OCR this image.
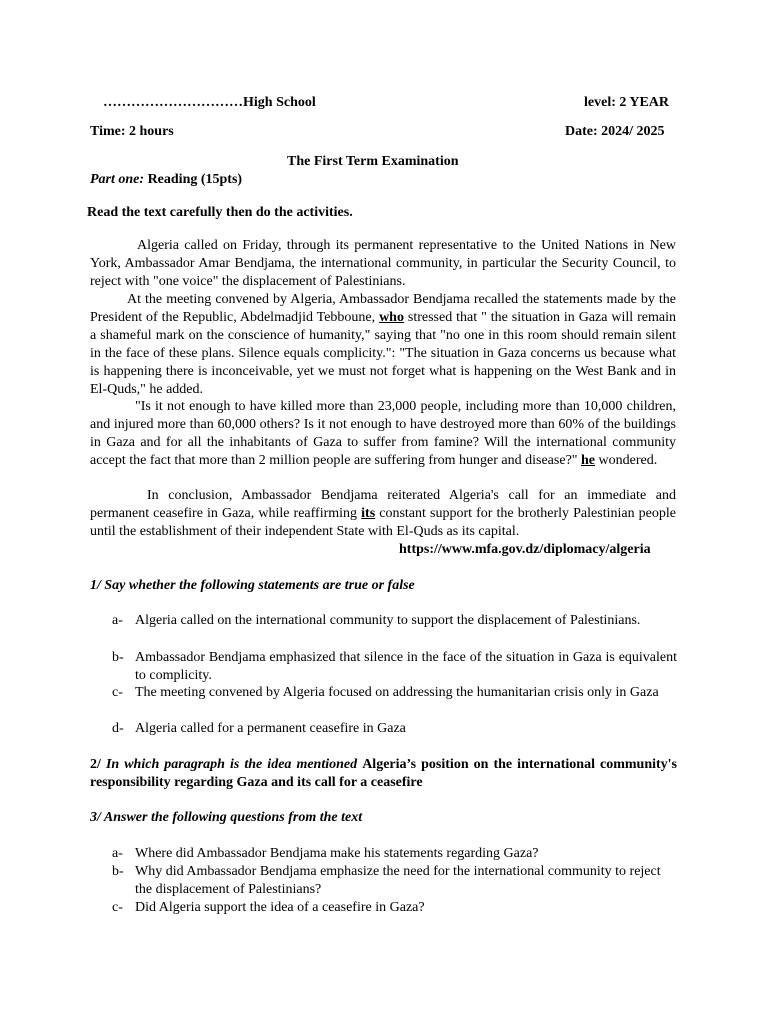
…………………………High School	level: 2 YEAR
Time: 2 hours	Date: 2024/ 2025
The First Term Examination
Part one: Reading (15pts)
Read the text carefully then do the activities.

Algeria called on Friday, through its permanent representative to the United Nations in New York, Ambassador Amar Bendjama, the international community, in particular the Security Council, to reject with "one voice" the displacement of Palestinians.

At the meeting convened by Algeria, Ambassador Bendjama recalled the statements made by the President of the Republic, Abdelmadjid Tebboune, who stressed that " the situation in Gaza will remain a shameful mark on the conscience of humanity," saying that "no one in this room should remain silent in the face of these plans. Silence equals complicity.": "The situation in Gaza concerns us because what is happening there is inconceivable, yet we must not forget what is happening on the West Bank and in El-Quds," he added.

"Is it not enough to have killed more than 23,000 people, including more than 10,000 children, and injured more than 60,000 others? Is it not enough to have destroyed more than 60% of the buildings in Gaza and for all the inhabitants of Gaza to suffer from famine? Will the international community accept the fact that more than 2 million people are suffering from hunger and disease?" he wondered.

In conclusion, Ambassador Bendjama reiterated Algeria's call for an immediate and permanent ceasefire in Gaza, while reaffirming its constant support for the brotherly Palestinian people until the establishment of their independent State with El-Quds as its capital.

https://www.mfa.gov.dz/diplomacy/algeria
1/ Say whether the following statements are true or false
a- Algeria called on the international community to support the displacement of Palestinians.
b- Ambassador Bendjama emphasized that silence in the face of the situation in Gaza is equivalent to complicity.
c- The meeting convened by Algeria focused on addressing the humanitarian crisis only in Gaza
d- Algeria called for a permanent ceasefire in Gaza
2/ In which paragraph is the idea mentioned Algeria’s position on the international community's responsibility regarding Gaza and its call for a ceasefire
3/ Answer the following questions from the text
a- Where did Ambassador Bendjama make his statements regarding Gaza?
b- Why did Ambassador Bendjama emphasize the need for the international community to reject the displacement of Palestinians?
c- Did Algeria support the idea of a ceasefire in Gaza?
